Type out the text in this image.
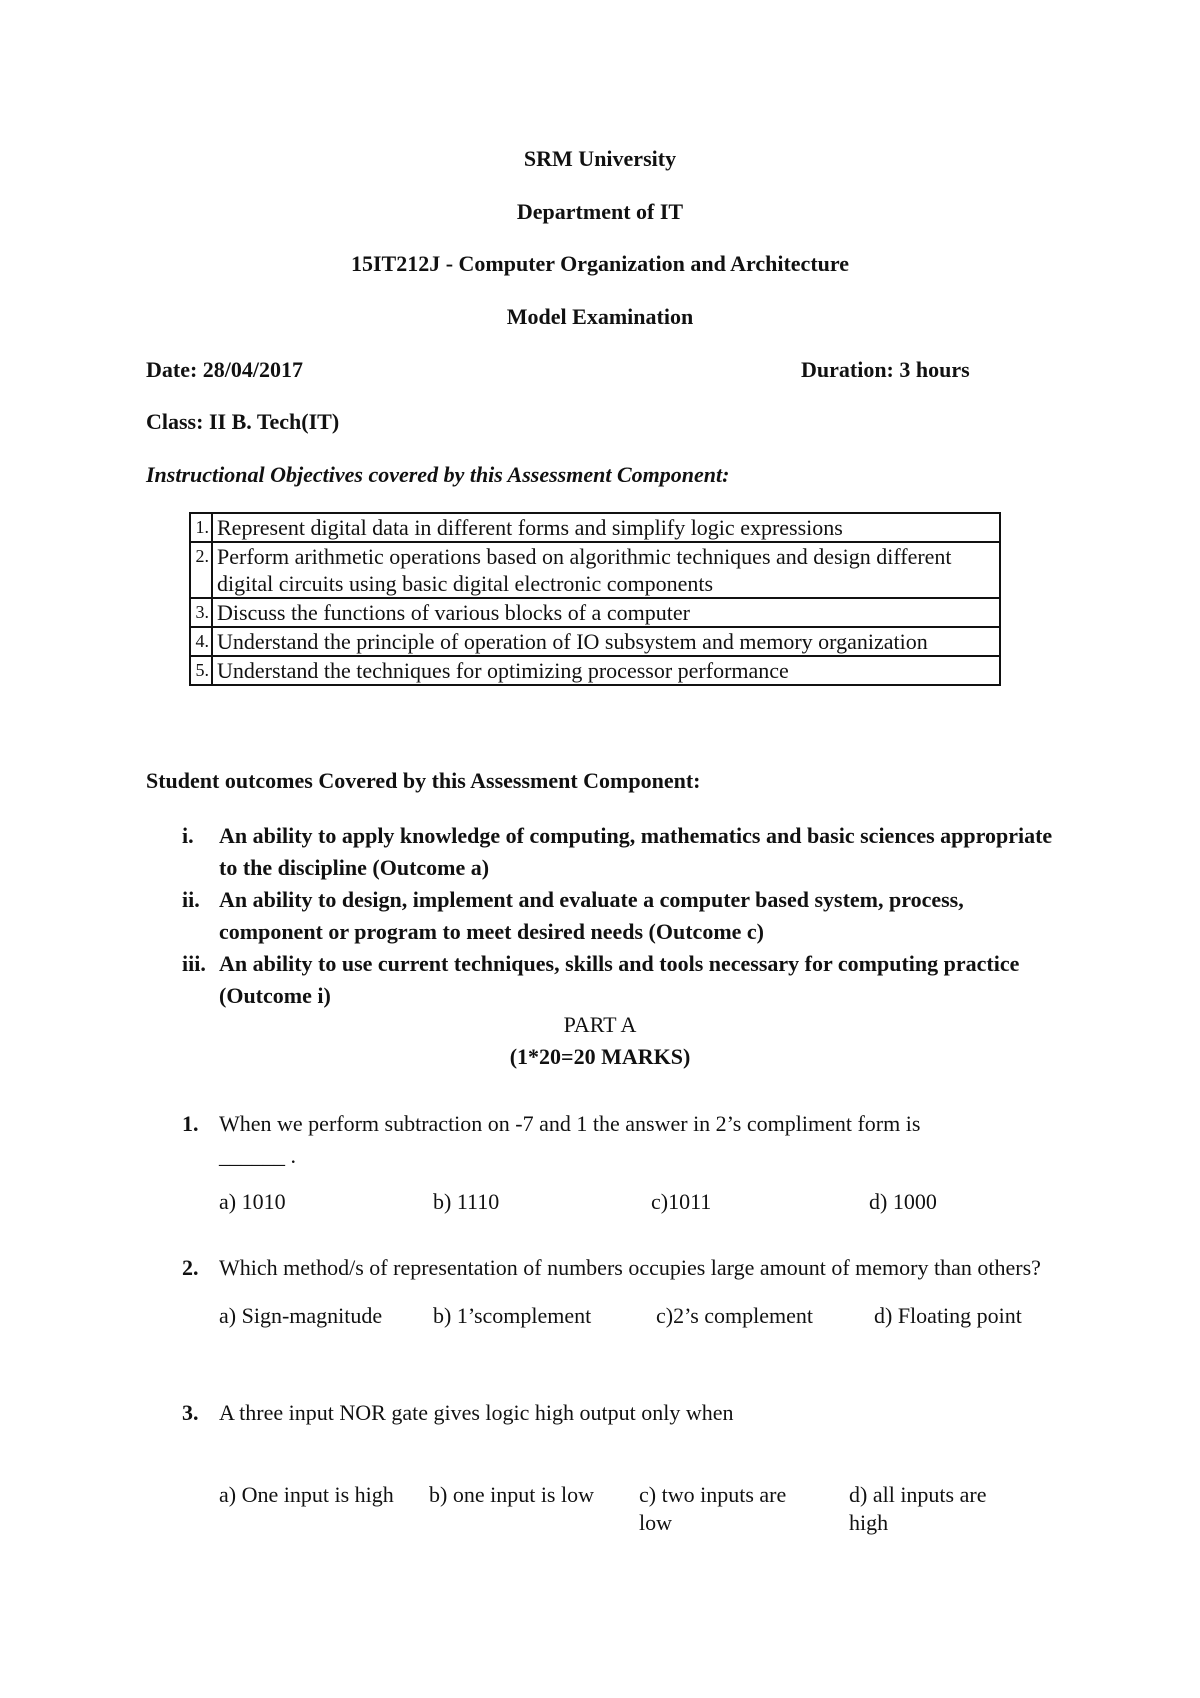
SRM University
Department of IT
15IT212J - Computer Organization and Architecture
Model Examination
Date: 28/04/2017	Duration: 3 hours
Class: II B. Tech(IT)
Instructional Objectives covered by this Assessment Component:
1.	Represent digital data in different forms and simplify logic expressions
2.	Perform arithmetic operations based on algorithmic techniques and design different digital circuits using basic digital electronic components
3.	Discuss the functions of various blocks of a computer
4.	Understand the principle of operation of IO subsystem and memory organization
5.	Understand the techniques for optimizing processor performance
Student outcomes Covered by this Assessment Component:
i.	An ability to apply knowledge of computing, mathematics and basic sciences appropriate to the discipline (Outcome a)
ii. An ability to design, implement and evaluate a computer based system, process, component or program to meet desired needs (Outcome c)
iii. An ability to use current techniques, skills and tools necessary for computing practice (Outcome i)
PART A
(1*20=20 MARKS)
1. When we perform subtraction on -7 and 1 the answer in 2’s compliment form is
______ .
a) 1010	b) 1110	c)1011	d) 1000
2. Which method/s of representation of numbers occupies large amount of memory than others?
a) Sign-magnitude	b) 1’scomplement	c)2’s complement	d) Floating point
3. A three input NOR gate gives logic high output only when
a) One input is high	b) one input is low	c) two inputs are low
d) all inputs are high
